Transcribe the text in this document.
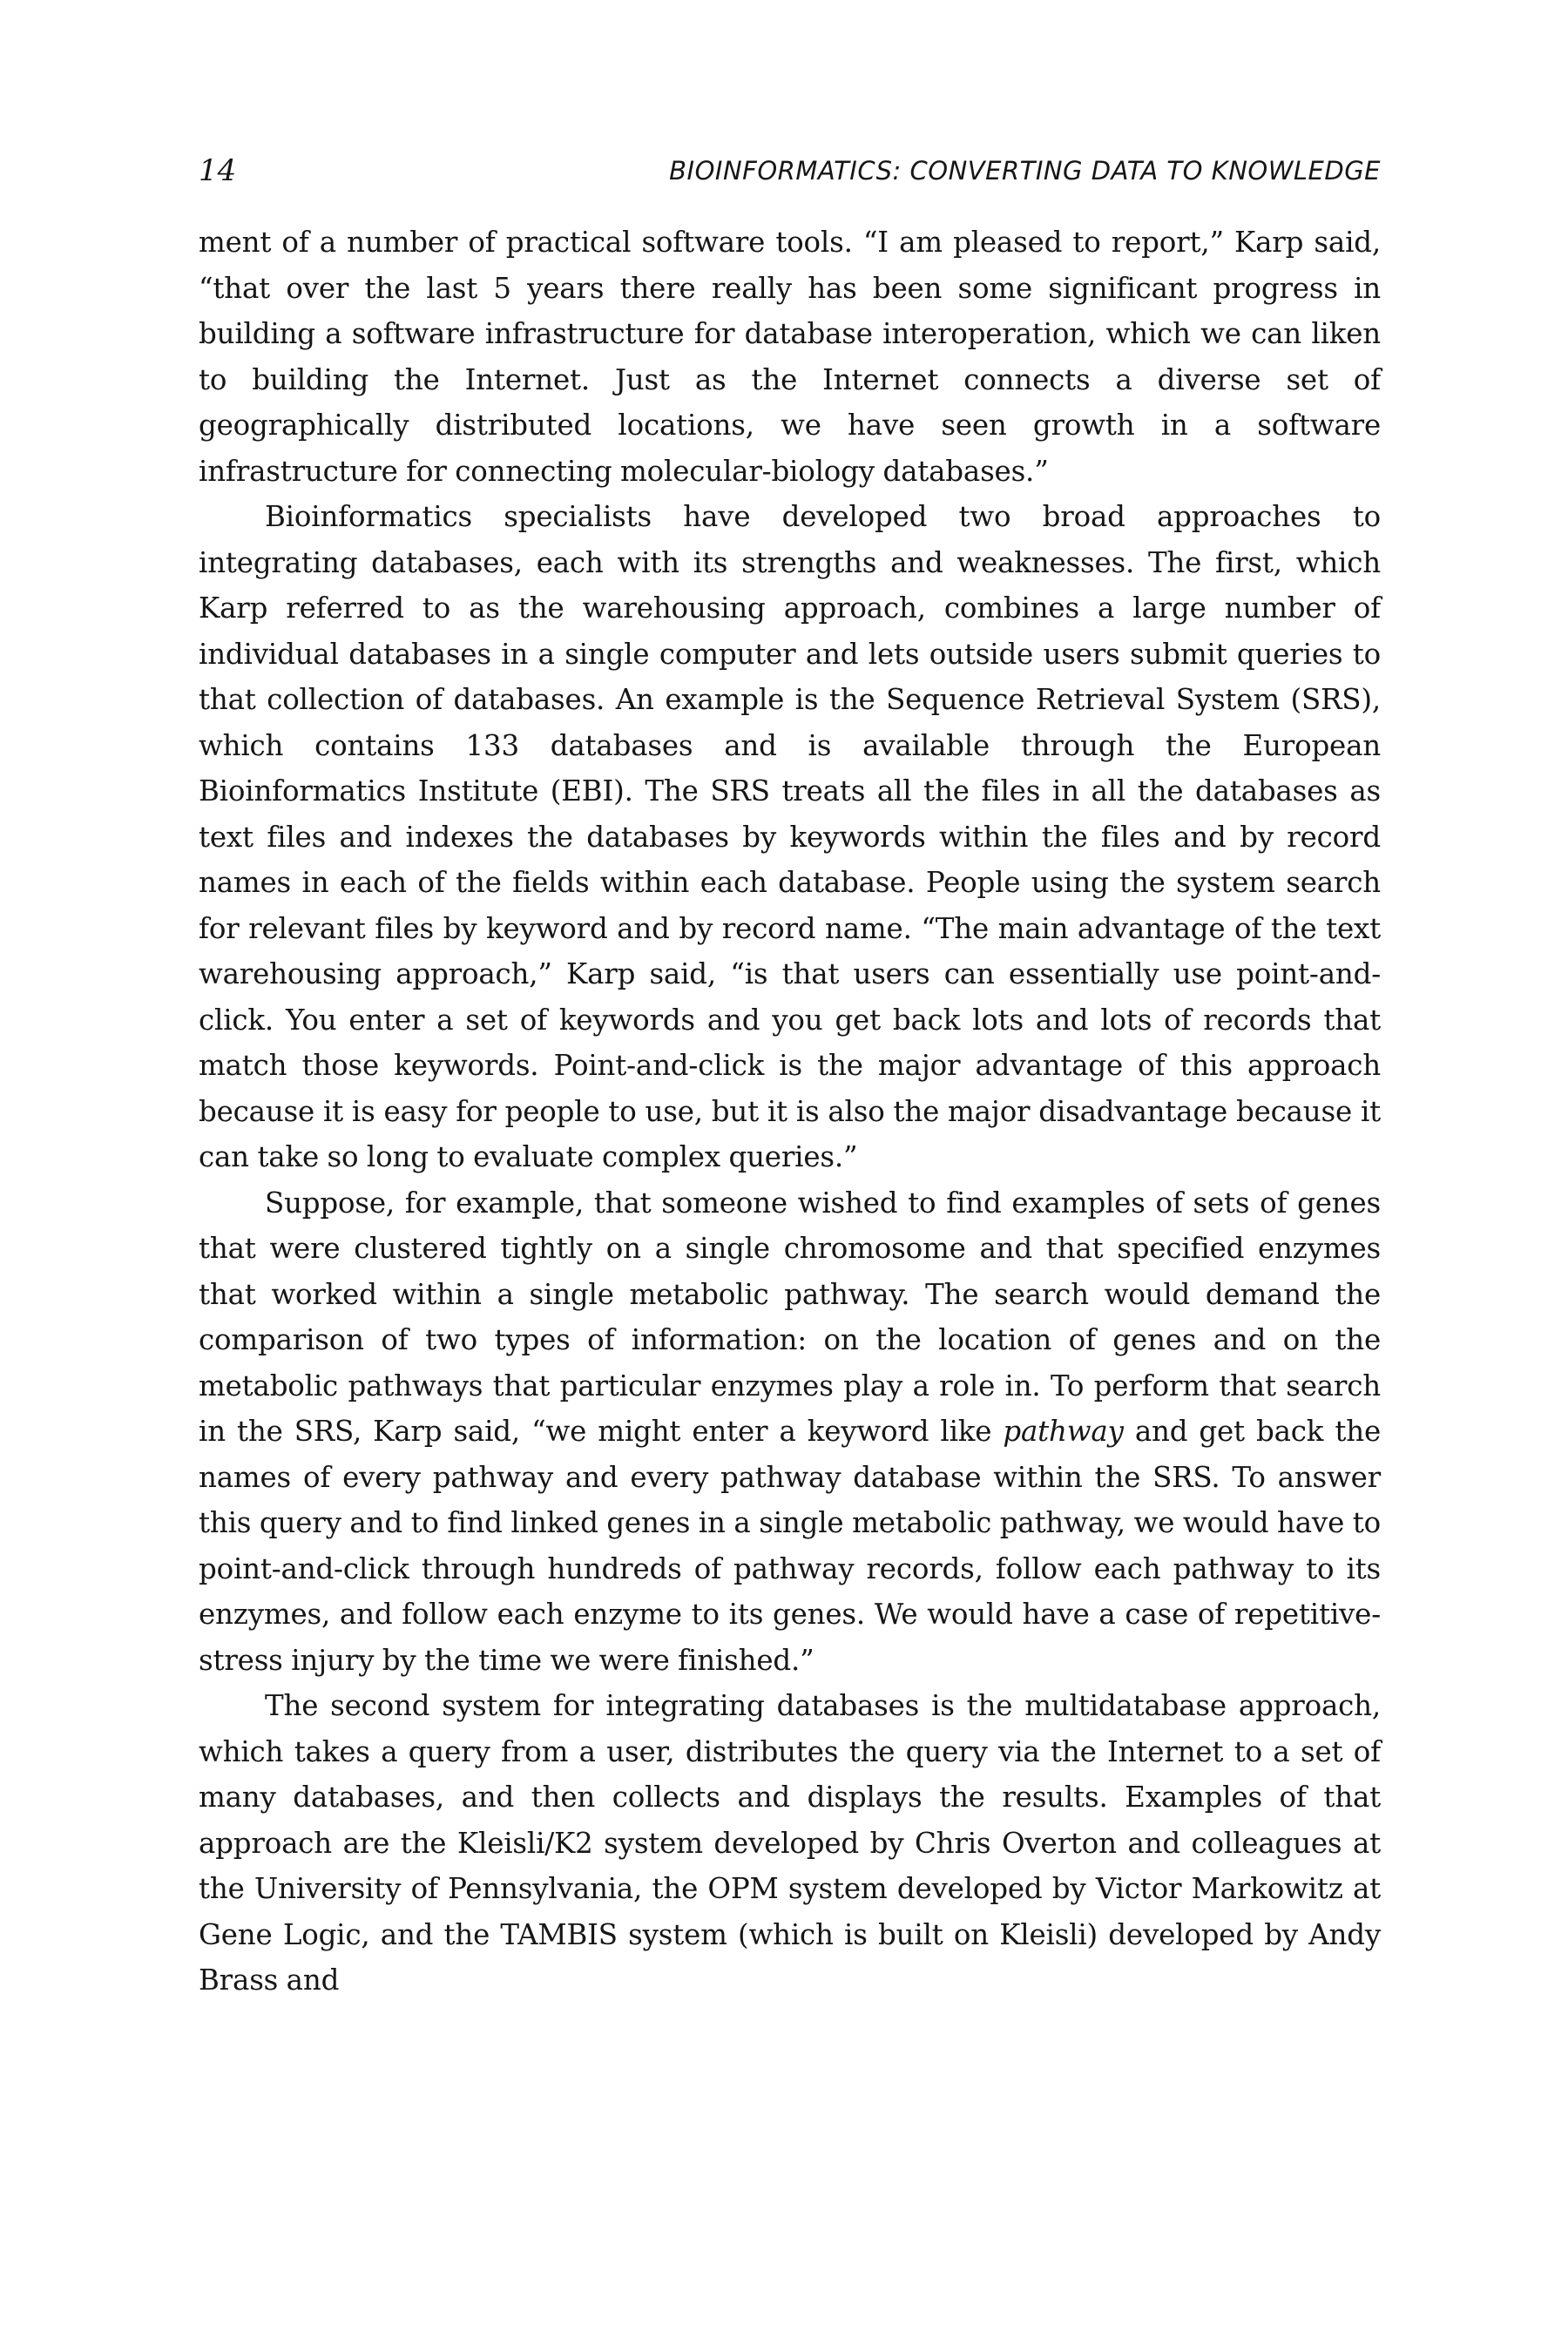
14	BIOINFORMATICS: CONVERTING DATA TO KNOWLEDGE

ment of a number of practical software tools. “I am pleased to report,” Karp said, “that over the last 5 years there really has been some significant progress in building a software infrastructure for database interoperation, which we can liken to building the Internet. Just as the Internet connects a diverse set of geographically distributed locations, we have seen growth in a software infrastructure for connecting molecular-biology databases.”

Bioinformatics specialists have developed two broad approaches to integrating databases, each with its strengths and weaknesses. The first, which Karp referred to as the warehousing approach, combines a large number of individual databases in a single computer and lets outside users submit queries to that collection of databases. An example is the Sequence Retrieval System (SRS), which contains 133 databases and is available through the European Bioinformatics Institute (EBI). The SRS treats all the files in all the databases as text files and indexes the databases by keywords within the files and by record names in each of the fields within each database. People using the system search for relevant files by keyword and by record name. “The main advantage of the text warehousing approach,” Karp said, “is that users can essentially use point-and-click. You enter a set of keywords and you get back lots and lots of records that match those keywords. Point-and-click is the major advantage of this approach because it is easy for people to use, but it is also the major disadvantage because it can take so long to evaluate complex queries.”

Suppose, for example, that someone wished to find examples of sets of genes that were clustered tightly on a single chromosome and that specified enzymes that worked within a single metabolic pathway. The search would demand the comparison of two types of information: on the location of genes and on the metabolic pathways that particular enzymes play a role in. To perform that search in the SRS, Karp said, “we might enter a keyword like pathway and get back the names of every pathway and every pathway database within the SRS. To answer this query and to find linked genes in a single metabolic pathway, we would have to point-and-click through hundreds of pathway records, follow each pathway to its enzymes, and follow each enzyme to its genes. We would have a case of repetitive-stress injury by the time we were finished.”

The second system for integrating databases is the multidatabase approach, which takes a query from a user, distributes the query via the Internet to a set of many databases, and then collects and displays the results. Examples of that approach are the Kleisli/K2 system developed by Chris Overton and colleagues at the University of Pennsylvania, the OPM system developed by Victor Markowitz at Gene Logic, and the TAMBIS system (which is built on Kleisli) developed by Andy Brass and
